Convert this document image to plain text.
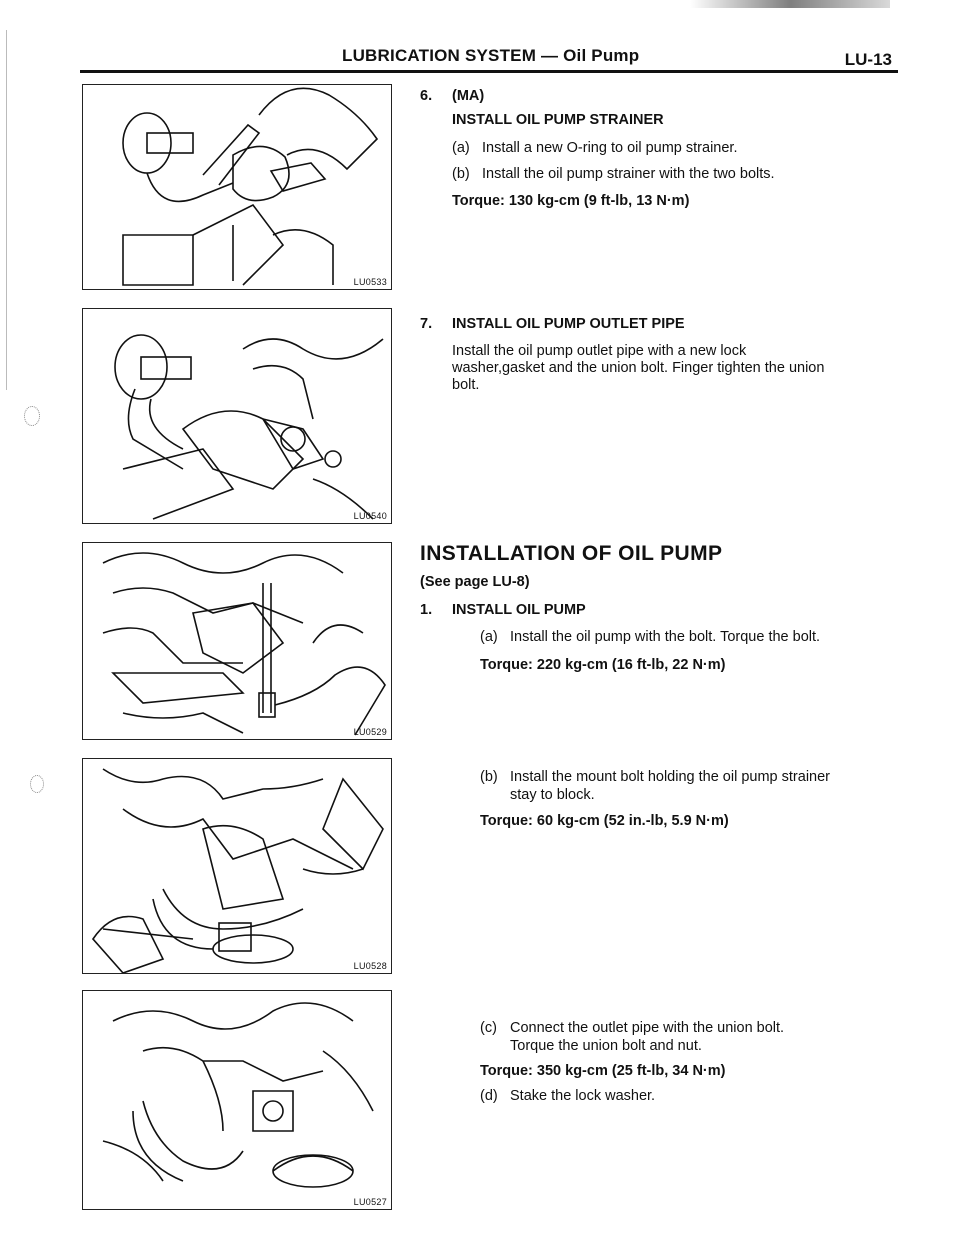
LUBRICATION SYSTEM — Oil Pump	LU-13
LU0533
LU0540
LU0529
LU0528
LU0527
6. (MA)
INSTALL OIL PUMP STRAINER
(a) Install a new O-ring to oil pump strainer.
(b) Install the oil pump strainer with the two bolts.
Torque: 130 kg-cm (9 ft-lb, 13 N·m)
7. INSTALL OIL PUMP OUTLET PIPE
Install the oil pump outlet pipe with a new lock
washer,gasket and the union bolt. Finger tighten the union
bolt.
INSTALLATION OF OIL PUMP
(See page LU-8)
1. INSTALL OIL PUMP
(a) Install the oil pump with the bolt. Torque the bolt.
Torque: 220 kg-cm (16 ft-lb, 22 N·m)
(b) Install the mount bolt holding the oil pump strainer
stay to block.
Torque: 60 kg-cm (52 in.-lb, 5.9 N·m)
(c) Connect the outlet pipe with the union bolt.
Torque the union bolt and nut.
Torque: 350 kg-cm (25 ft-lb, 34 N·m)
(d) Stake the lock washer.
